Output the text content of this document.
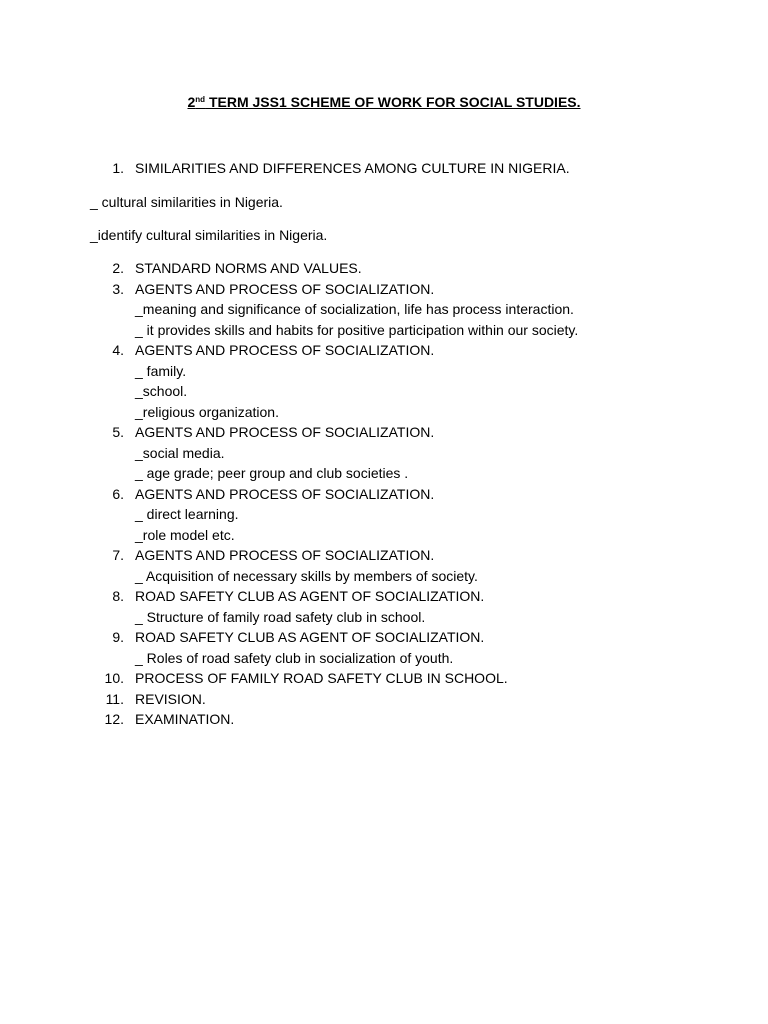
2nd TERM JSS1 SCHEME OF WORK FOR SOCIAL STUDIES.
1. SIMILARITIES AND DIFFERENCES AMONG CULTURE IN NIGERIA.
_ cultural similarities in Nigeria.
_identify cultural similarities in Nigeria.
2. STANDARD NORMS AND VALUES.
3. AGENTS AND PROCESS OF SOCIALIZATION.
_meaning and significance of socialization, life has process interaction.
_ it provides skills and habits for positive participation within our society.
4. AGENTS AND PROCESS OF SOCIALIZATION.
_ family.
_school.
_religious organization.
5. AGENTS AND PROCESS OF SOCIALIZATION.
_social media.
_ age grade; peer group and club societies .
6. AGENTS AND PROCESS OF SOCIALIZATION.
_ direct learning.
_role model etc.
7. AGENTS AND PROCESS OF SOCIALIZATION.
_ Acquisition of necessary skills by members of society.
8. ROAD SAFETY CLUB AS AGENT OF SOCIALIZATION.
_ Structure of family road safety club in school.
9. ROAD SAFETY CLUB AS AGENT OF SOCIALIZATION.
_ Roles of road safety club in socialization of youth.
10. PROCESS OF FAMILY ROAD SAFETY CLUB IN SCHOOL.
11. REVISION.
12. EXAMINATION.
